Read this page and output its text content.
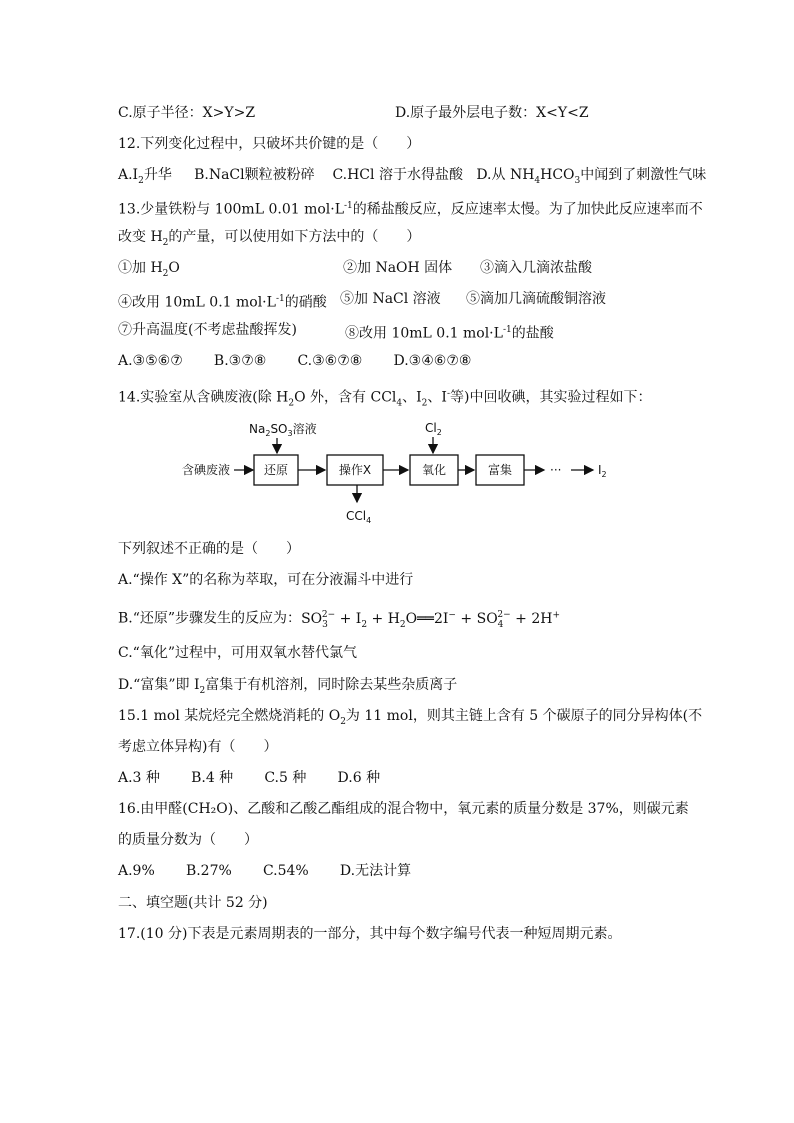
C.原子半径：X>Y>Z	D.原子最外层电子数：X<Y<Z
12.下列变化过程中，只破坏共价键的是（　　）
$A.I_2$升华 B.NaCl颗粒被粉碎 C.HCl 溶于水得盐酸 D.从 $NH_4HCO_3$中闻到了刺激性气味
13.少量铁粉与 100mL 0.01 $mol\cdot L^{-1}$的稀盐酸反应，反应速率太慢。为了加快此反应速率而不
改变 $H_2$的产量，可以使用如下方法中的（　　）
①加 $H_2O$	②加 NaOH 固体 ③滴入几滴浓盐酸
④改用 10mL 0.1 $mol\cdot L^{-1}$的硝酸 ⑤加 NaCl 溶液 ⑤滴加几滴硫酸铜溶液
⑦升高温度(不考虑盐酸挥发)	⑧改用 10mL 0.1 $mol\cdot L^{-1}$的盐酸
A.③⑤⑥⑦ B.③⑦⑧ C.③⑥⑦⑧ D.③④⑥⑦⑧
14.实验室从含碘废液(除 $H_2O$ 外，含有 CCl$_4$、$I_2$、I-等)中回收碘，其实验过程如下：
含碘废液
$Na_2SO_3$溶液
还原	操作X
CCl$_4$
$Cl_2$
氧化	富集	···	$I_2$
下列叙述不正确的是（　　）
A.“操作 X”的名称为萃取，可在分液漏斗中进行
B.“还原”步骤发生的反应为：$SO_3^{2-} + I_2$ + $H_2O══2I^- + SO_4^{2-} + 2H^+$
C.“氧化”过程中，可用双氧水替代氯气
D.“富集”即 $I_2$富集于有机溶剂，同时除去某些杂质离子
15.1 mol 某烷烃完全燃烧消耗的 $O_2$为 11 mol，则其主链上含有 5 个碳原子的同分异构体(不
考虑立体异构)有（　　）
A.3 种 B.4 种 C.5 种 D.6 种
16.由甲醛(CH₂O)、乙酸和乙酸乙酯组成的混合物中，氧元素的质量分数是 37%，则碳元素
的质量分数为（　　）
A.9% B.27% C.54% D.无法计算
二、填空题(共计 52 分)
17.(10 分)下表是元素周期表的一部分，其中每个数字编号代表一种短周期元素。
